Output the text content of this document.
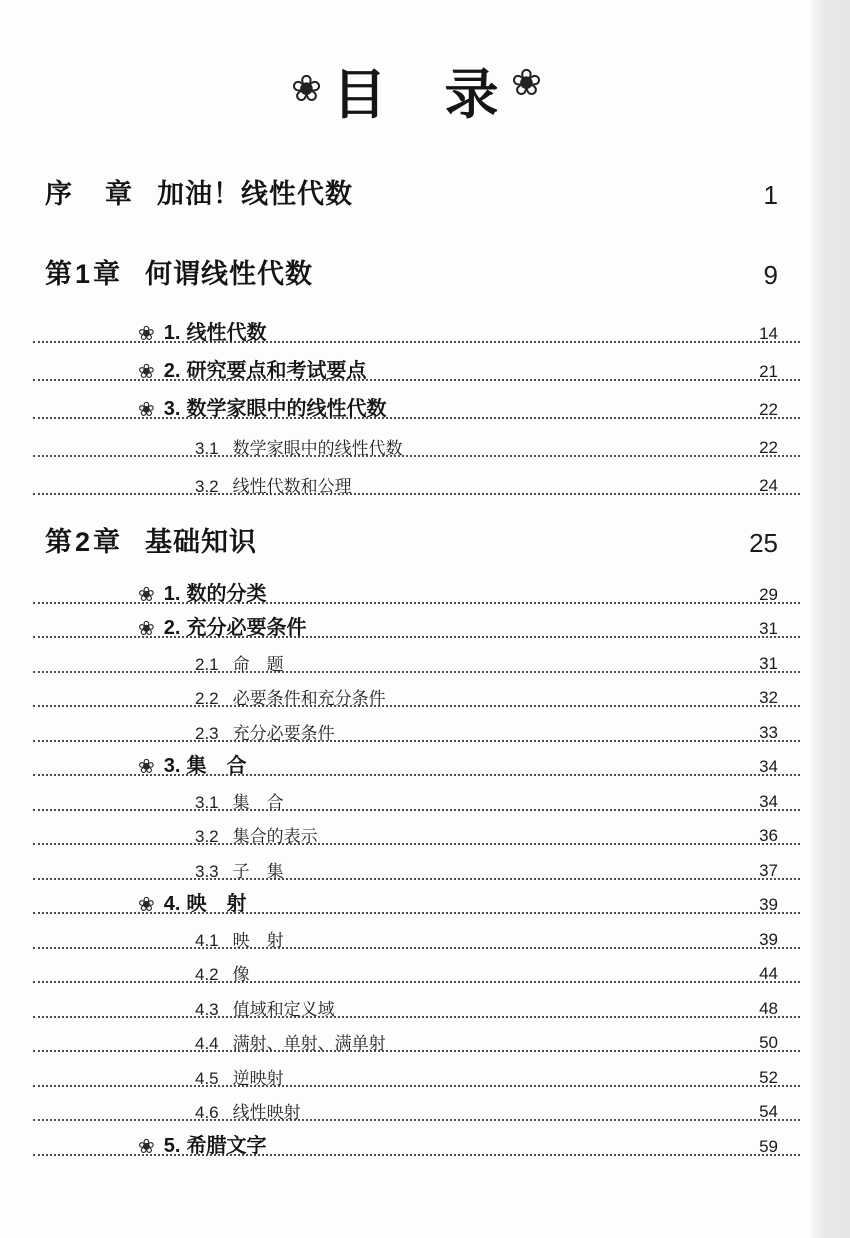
❀ 目　录 ❀
序　章 加油！线性代数	1
第1章 何谓线性代数	9
❀ 1. 线性代数	14
❀ 2. 研究要点和考试要点	21
❀ 3. 数学家眼中的线性代数	22
3.1 数学家眼中的线性代数	22
3.2 线性代数和公理	24
第2章 基础知识	25
❀ 1. 数的分类	29
❀ 2. 充分必要条件	31
2.1 命　题	31
2.2 必要条件和充分条件	32
2.3 充分必要条件	33
❀ 3. 集　合	34
3.1 集　合	34
3.2 集合的表示	36
3.3 子　集	37
❀ 4. 映　射	39
4.1 映　射	39
4.2 像	44
4.3 值域和定义域	48
4.4 满射、单射、满单射	50
4.5 逆映射	52
4.6 线性映射	54
❀ 5. 希腊文字	59
